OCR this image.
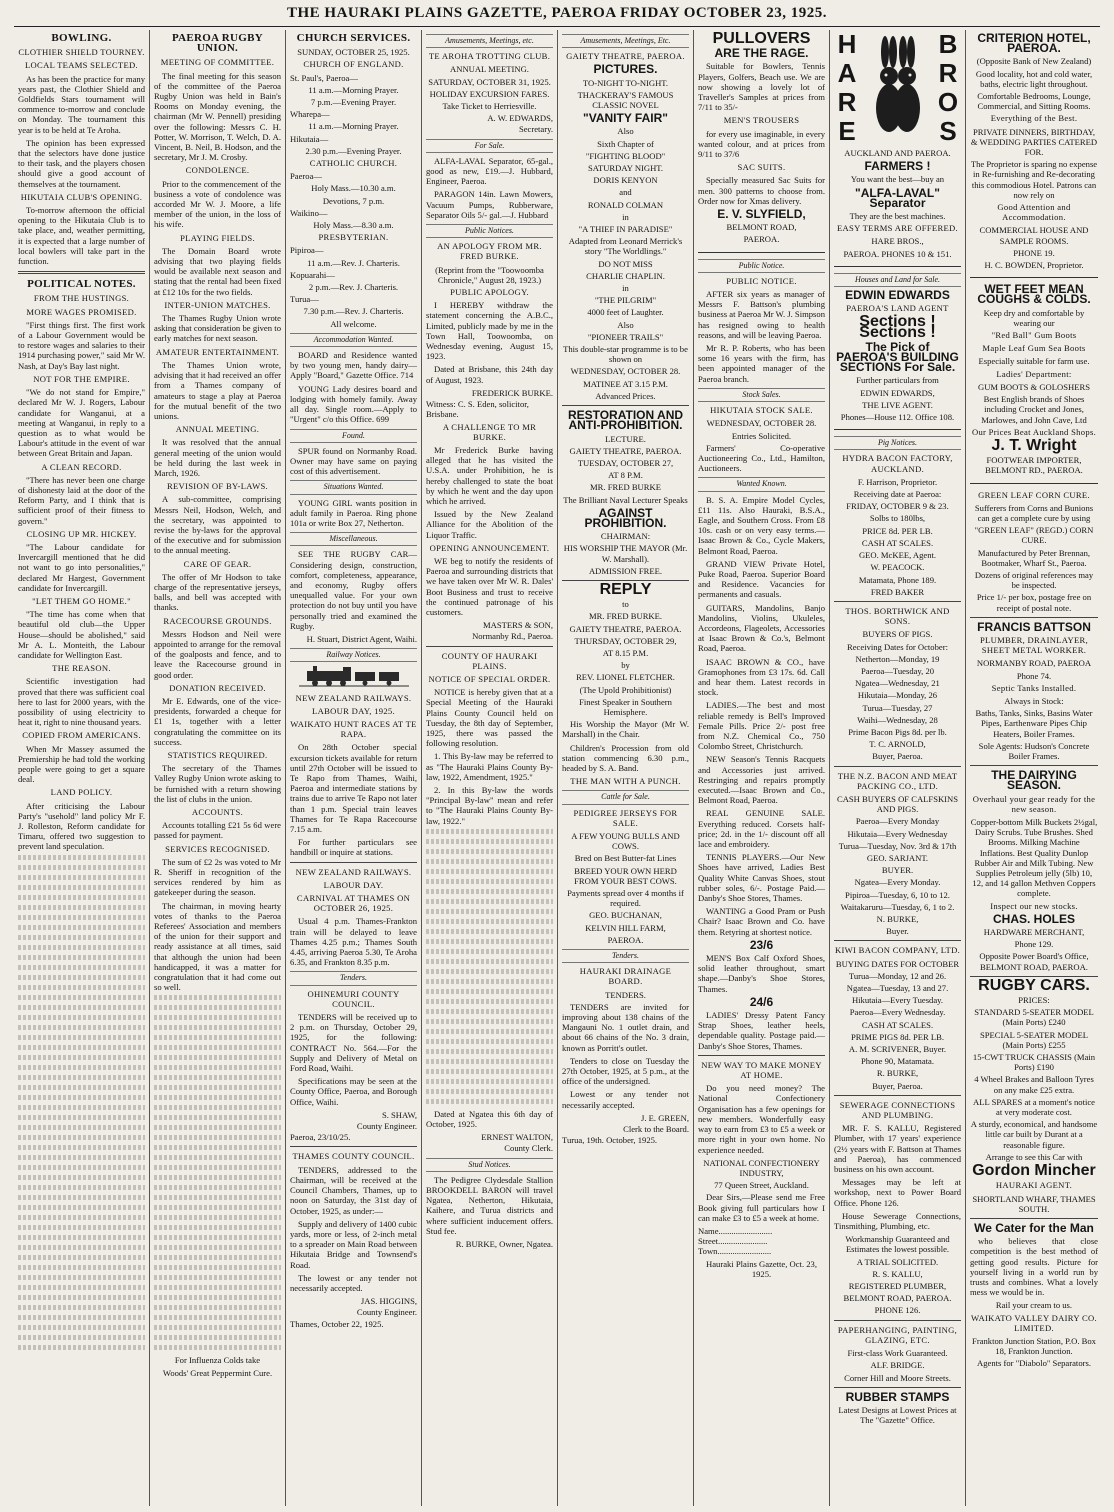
THE HAURAKI PLAINS GAZETTE, PAEROA FRIDAY OCTOBER 23, 1925.
BOWLING.
CLOTHIER SHIELD TOURNEY.
LOCAL TEAMS SELECTED.

As has been the practice for many years past, the Clothier Shield and Goldfields Stars tournament will commence to-morrow and conclude on Monday. The tournament this year is to be held at Te Aroha.

The opinion has been expressed that the selectors have done justice to their task, and the players chosen should give a good account of themselves at the tournament.

HIKUTAIA CLUB'S OPENING.

To-morrow afternoon the official opening to the Hikutaia Club is to take place, and, weather permitting, it is expected that a large number of local bowlers will take part in the function.

POLITICAL NOTES.
FROM THE HUSTINGS.
MORE WAGES PROMISED.

"First things first. The first work of a Labour Government would be to restore wages and salaries to their 1914 purchasing power," said Mr W. Nash, at Day's Bay last night.

NOT FOR THE EMPIRE.

"We do not stand for Empire," declared Mr W. J. Rogers, Labour candidate for Wanganui, at a meeting at Wanganui, in reply to a question as to what would be Labour's attitude in the event of war between Great Britain and Japan.

A CLEAN RECORD.

"There has never been one charge of dishonesty laid at the door of the Reform Party, and I think that is sufficient proof of their fitness to govern."

CLOSING UP MR. HICKEY.

"The Labour candidate for Invercargill mentioned that he did not want to go into personalities," declared Mr Hargest, Government candidate for Invercargill.

"LET THEM GO HOME."

"The time has come when that beautiful old club—the Upper House—should be abolished," said Mr A. L. Monteith, the Labour candidate for Wellington East.

THE REASON.

Scientific investigation had proved that there was sufficient coal here to last for 2000 years, with the possibility of using electricity to heat it, right to nine thousand years.

COPIED FROM AMERICANS.

When Mr Massey assumed the Premiership he had told the working people were going to get a square deal.

LAND POLICY.

After criticising the Labour Party's "usehold" land policy Mr F. J. Rolleston, Reform candidate for Timaru, offered two suggestion to prevent land speculation.

PAEROA RUGBY UNION.
MEETING OF COMMITTEE.

The final meeting for this season of the committee of the Paeroa Rugby Union was held in Bain's Rooms on Monday evening, the chairman (Mr W. Pennell) presiding over the following: Messrs C. H. Potter, W. Morrison, T. Welch, D. A. Vincent, B. Neil, B. Hodson, and the secretary, Mr J. M. Crosby.

CONDOLENCE.

Prior to the commencement of the business a vote of condolence was accorded Mr W. J. Moore, a life member of the union, in the loss of his wife.

PLAYING FIELDS.

The Domain Board wrote advising that two playing fields would be available next season and stating that the rental had been fixed at £12 10s for the two fields.

INTER-UNION MATCHES.

The Thames Rugby Union wrote asking that consideration be given to early matches for next season.

AMATEUR ENTERTAINMENT.

The Thames Union wrote, advising that it had received an offer from a Thames company of amateurs to stage a play at Paeroa for the mutual benefit of the two unions.

ANNUAL MEETING.

It was resolved that the annual general meeting of the union would be held during the last week in March, 1926.

REVISION OF BY-LAWS.

A sub-committee, comprising Messrs Neil, Hodson, Welch, and the secretary, was appointed to revise the by-laws for the approval of the executive and for submission to the annual meeting.

CARE OF GEAR.

The offer of Mr Hodson to take charge of the representative jerseys, balls, and bell was accepted with thanks.

RACECOURSE GROUNDS.

Messrs Hodson and Neil were appointed to arrange for the removal of the goalposts and fence, and to leave the Racecourse ground in good order.

DONATION RECEIVED.

Mr E. Edwards, one of the vice-presidents, forwarded a cheque for £1 1s, together with a letter congratulating the committee on its success.

STATISTICS REQUIRED.

The secretary of the Thames Valley Rugby Union wrote asking to be furnished with a return showing the list of clubs in the union.

ACCOUNTS.

Accounts totalling £21 5s 6d were passed for payment.

SERVICES RECOGNISED.

The sum of £2 2s was voted to Mr R. Sheriff in recognition of the services rendered by him as gatekeeper during the season.

The chairman, in moving hearty votes of thanks to the Paeroa Referees' Association and members of the union for their support and ready assistance at all times, said that although the union had been handicapped, it was a matter for congratulation that it had come out so well.

For Influenza Colds take
Woods' Great Peppermint Cure.
CHURCH SERVICES.
SUNDAY, OCTOBER 25, 1925.
CHURCH OF ENGLAND.
St. Paul's, Paeroa—
11 a.m.—Morning Prayer.
7 p.m.—Evening Prayer.
Wharepa—
11 a.m.—Morning Prayer.
Hikutaia—
2.30 p.m.—Evening Prayer.
CATHOLIC CHURCH.
Paeroa—
Holy Mass.—10.30 a.m.
Devotions, 7 p.m.
Waikino—
Holy Mass.—8.30 a.m.
PRESBYTERIAN.
Pipiroa—
11 a.m.—Rev. J. Charteris.
Kopuarahi—
2 p.m.—Rev. J. Charteris.
Turua—
7.30 p.m.—Rev. J. Charteris.
All welcome.
Accommodation Wanted.

BOARD and Residence wanted by two young men, handy dairy—Apply "Board," Gazette Office. 714

YOUNG Lady desires board and lodging with homely family. Away all day. Single room.—Apply to "Urgent" c/o this Office. 699

Found.

SPUR found on Normanby Road. Owner may have same on paying cost of this advertisement.

Situations Wanted.

YOUNG GIRL wants position in adult family in Paeroa. Ring phone 101a or write Box 27, Netherton.

Miscellaneous.

SEE THE RUGBY CAR—Considering design, construction, comfort, completeness, appearance, and economy, Rugby offers unequalled value. For your own protection do not buy until you have personally tried and examined the Rugby.

H. Stuart, District Agent, Waihi.
Railway Notices.
NEW ZEALAND RAILWAYS.
LABOUR DAY, 1925.
WAIKATO HUNT RACES AT TE RAPA.

On 28th October special excursion tickets available for return until 27th October will be issued to Te Rapo from Thames, Waihi, Paeroa and intermediate stations by trains due to arrive Te Rapo not later than 1 p.m. Special train leaves Thames for Te Rapa Racecourse 7.15 a.m.

For further particulars see handbill or inquire at stations.

NEW ZEALAND RAILWAYS.
LABOUR DAY.
CARNIVAL AT THAMES ON OCTOBER 26, 1925.

Usual 4 p.m. Thames-Frankton train will be delayed to leave Thames 4.25 p.m.; Thames South 4.45, arriving Paeroa 5.30, Te Aroha 6.35, and Frankton 8.35 p.m.

Tenders.
OHINEMURI COUNTY COUNCIL.

TENDERS will be received up to 2 p.m. on Thursday, October 29, 1925, for the following: CONTRACT No. 564.—For the Supply and Delivery of Metal on Ford Road, Waihi.

Specifications may be seen at the County Office, Paeroa, and Borough Office, Waihi.

S. SHAW,
County Engineer.
Paeroa, 23/10/25.
THAMES COUNTY COUNCIL.

TENDERS, addressed to the Chairman, will be received at the Council Chambers, Thames, up to noon on Saturday, the 31st day of October, 1925, as under:—

Supply and delivery of 1400 cubic yards, more or less, of 2-inch metal to a spreader on Main Road between Hikutaia Bridge and Townsend's Road.

The lowest or any tender not necessarily accepted.

JAS. HIGGINS,
County Engineer.
Thames, October 22, 1925.
Amusements, Meetings, etc.
TE AROHA TROTTING CLUB.
ANNUAL MEETING.
SATURDAY, OCTOBER 31, 1925.
HOLIDAY EXCURSION FARES.
Take Ticket to Herriesville.
A. W. EDWARDS,
Secretary.
For Sale.

ALFA-LAVAL Separator, 65-gal., good as new, £19.—J. Hubbard, Engineer, Paeroa.

PARAGON 14in. Lawn Mowers, Vacuum Pumps, Rubberware, Separator Oils 5/- gal.—J. Hubbard

Public Notices.
AN APOLOGY FROM MR. FRED BURKE.
(Reprint from the "Toowoomba Chronicle," August 28, 1923.)
PUBLIC APOLOGY.

I HEREBY withdraw the statement concerning the A.B.C., Limited, publicly made by me in the Town Hall, Toowoomba, on Wednesday evening, August 15, 1923.

Dated at Brisbane, this 24th day of August, 1923.

FREDERICK BURKE.
Witness: C. S. Eden, solicitor, Brisbane.
A CHALLENGE TO MR BURKE.

Mr Frederick Burke having alleged that he has visited the U.S.A. under Prohibition, he is hereby challenged to state the boat by which he went and the day upon which he arrived.

Issued by the New Zealand Alliance for the Abolition of the Liquor Traffic.

OPENING ANNOUNCEMENT.

WE beg to notify the residents of Paeroa and surrounding districts that we have taken over Mr W. R. Dales' Boot Business and trust to receive the continued patronage of his customers.

MASTERS & SON,
Normanby Rd., Paeroa.
COUNTY OF HAURAKI PLAINS.
NOTICE OF SPECIAL ORDER.

NOTICE is hereby given that at a Special Meeting of the Hauraki Plains County Council held on Tuesday, the 8th day of September, 1925, there was passed the following resolution.

1. This By-law may be referred to as "The Hauraki Plains County By-law, 1922, Amendment, 1925."

2. In this By-law the words "Principal By-law" mean and refer to "The Hauraki Plains County By-law, 1922."

Dated at Ngatea this 6th day of October, 1925.

ERNEST WALTON,
County Clerk.
Stud Notices.

The Pedigree Clydesdale Stallion BROOKDELL BARON will travel Ngatea, Netherton, Hikutaia, Kaihere, and Turua districts and where sufficient inducement offers. Stud fee.

R. BURKE, Owner, Ngatea.
Amusements, Meetings, Etc.
GAIETY THEATRE, PAEROA.
PICTURES.
TO-NIGHT TO-NIGHT.
THACKERAY'S FAMOUS CLASSIC NOVEL
"VANITY FAIR"
Also
Sixth Chapter of
"FIGHTING BLOOD"
SATURDAY NIGHT.
DORIS KENYON
and
RONALD COLMAN
in
"A THIEF IN PARADISE"
Adapted from Leonard Merrick's story "The Worldlings."
DO NOT MISS
CHARLIE CHAPLIN.
in
"THE PILGRIM"
4000 feet of Laughter.
Also
"PIONEER TRAILS"
This double-star programme is to be shown on
WEDNESDAY, OCTOBER 28.
MATINEE AT 3.15 P.M.
Advanced Prices.
RESTORATION AND ANTI-PROHIBITION.
LECTURE.
GAIETY THEATRE, PAEROA.
TUESDAY, OCTOBER 27,
AT 8 P.M.
MR. FRED BURKE
The Brilliant Naval Lecturer Speaks
AGAINST PROHIBITION.
CHAIRMAN:
HIS WORSHIP THE MAYOR (Mr. W. Marshall).
ADMISSION FREE.
REPLY
to
MR. FRED BURKE.
GAIETY THEATRE, PAEROA.
THURSDAY, OCTOBER 29,
AT 8.15 P.M.
by
REV. LIONEL FLETCHER.
(The Upold Prohibitionist)
Finest Speaker in Southern Hemisphere.

His Worship the Mayor (Mr W. Marshall) in the Chair.

Children's Procession from old station commencing 6.30 p.m., headed by S. A. Band.

THE MAN WITH A PUNCH.
Cattle for Sale.
PEDIGREE JERSEYS FOR SALE.
A FEW YOUNG BULLS AND COWS.
Bred on Best Butter-fat Lines
BREED YOUR OWN HERD FROM YOUR BEST COWS.
Payments spread over 4 months if required.
GEO. BUCHANAN,
KELVIN HILL FARM,
PAEROA.
Tenders.
HAURAKI DRAINAGE BOARD.
TENDERS.

TENDERS are invited for improving about 138 chains of the Mangauni No. 1 outlet drain, and about 66 chains of the No. 3 drain, known as Porritt's outlet.

Tenders to close on Tuesday the 27th October, 1925, at 5 p.m., at the office of the undersigned.

Lowest or any tender not necessarily accepted.

J. E. GREEN,
Clerk to the Board.
Turua, 19th. October, 1925.
PULLOVERS
ARE THE RAGE.

Suitable for Bowlers, Tennis Players, Golfers, Beach use. We are now showing a lovely lot of Traveller's Samples at prices from 7/11 to 35/-

MEN'S TROUSERS

for every use imaginable, in every wanted colour, and at prices from 9/11 to 37/6

SAC SUITS.

Specially measured Sac Suits for men. 300 patterns to choose from. Order now for Xmas delivery.

E. V. SLYFIELD,
BELMONT ROAD,
PAEROA.
Public Notice.
PUBLIC NOTICE.

AFTER six years as manager of Messrs F. Battson's plumbing business at Paeroa Mr W. J. Simpson has resigned owing to health reasons, and will be leaving Paeroa.

Mr R. P. Roberts, who has been some 16 years with the firm, has been appointed manager of the Paeroa branch.

Stock Sales.
HIKUTAIA STOCK SALE.
WEDNESDAY, OCTOBER 28.
Entries Solicited.

Farmers' Co-operative Auctioneering Co., Ltd., Hamilton, Auctioneers.

Wanted Known.

B. S. A. Empire Model Cycles, £11 11s. Also Hauraki, B.S.A., Eagle, and Southern Cross. From £8 10s. cash or on very easy terms.—Isaac Brown & Co., Cycle Makers, Belmont Road, Paeroa.

GRAND VIEW Private Hotel, Puke Road, Paeroa. Superior Board and Residence. Vacancies for permanents and casuals.

GUITARS, Mandolins, Banjo Mandolins, Violins, Ukuleles, Accordeons, Flageolets, Accessories at Isaac Brown & Co.'s, Belmont Road, Paeroa.

ISAAC BROWN & CO., have Gramophones from £3 17s. 6d. Call and hear them. Latest records in stock.

LADIES.—The best and most reliable remedy is Bell's Improved Female Pills. Price 2/- post free from N.Z. Chemical Co., 750 Colombo Street, Christchurch.

NEW Season's Tennis Racquets and Accessories just arrived. Restringing and repairs promptly executed.—Isaac Brown and Co., Belmont Road, Paeroa.

REAL GENUINE SALE. Everything reduced. Corsets half-price; 2d. in the 1/- discount off all lace and embroidery.

TENNIS PLAYERS.—Our New Shoes have arrived, Ladies Best Quality White Canvas Shoes, stout rubber soles, 6/-. Postage Paid.—Danby's Shoe Stores, Thames.

WANTING a Good Pram or Push Chair? Isaac Brown and Co. have them. Retyring at shortest notice.

23/6

MEN'S Box Calf Oxford Shoes, solid leather throughout, smart shape.—Danby's Shoe Stores, Thames.

24/6

LADIES' Dressy Patent Fancy Strap Shoes, leather heels, dependable quality. Postage paid.—Danby's Shoe Stores, Thames.

NEW WAY TO MAKE MONEY AT HOME.

Do you need money? The National Confectionery Organisation has a few openings for new members. Wonderfully easy way to earn from £3 to £5 a week or more right in your own home. No experience needed.

NATIONAL CONFECTIONERY INDUSTRY,
77 Queen Street, Auckland.

Dear Sirs,—Please send me Free Book giving full particulars how I can make £3 to £5 a week at home.

Name.........................
Street.......................
Town.........................
Hauraki Plains Gazette, Oct. 23, 1925.
HARE
BROS
AUCKLAND AND PAEROA.
FARMERS !
You want the best—buy an
"ALFA-LAVAL" Separator
They are the best machines.
EASY TERMS ARE OFFERED.
HARE BROS.,
PAEROA. PHONES 10 & 151.
Houses and Land for Sale.
EDWIN EDWARDS
PAEROA'S LAND AGENT
Sections ! Sections !
The Pick of PAEROA'S BUILDING SECTIONS For Sale.
Further particulars from
EDWIN EDWARDS,
THE LIVE AGENT.
Phones—House 112. Office 108.
Pig Notices.
HYDRA BACON FACTORY, AUCKLAND.
F. Harrison, Proprietor.
Receiving date at Paeroa:
FRIDAY, OCTOBER 9 & 23.
Solbs to 180lbs,
PRICE 8d. PER LB.
CASH AT SCALES.
GEO. McKEE, Agent.
W. PEACOCK.
Matamata, Phone 189.
FRED BAKER
THOS. BORTHWICK AND SONS.
BUYERS OF PIGS.
Receiving Dates for October:
Netherton—Monday, 19
Paeroa—Tuesday, 20
Ngatea—Wednesday, 21
Hikutaia—Monday, 26
Turua—Tuesday, 27
Waihi—Wednesday, 28
Prime Bacon Pigs 8d. per lb.
T. C. ARNOLD,
Buyer, Paeroa.
THE N.Z. BACON AND MEAT PACKING CO., LTD.
CASH BUYERS OF CALFSKINS AND PIGS.
Paeroa—Every Monday
Hikutaia—Every Wednesday
Turua—Tuesday, Nov. 3rd & 17th
GEO. SARJANT.
BUYER.
Ngatea—Every Monday.
Pipiroa—Tuesday, 6, 10 to 12.
Waitakaruru—Tuesday, 6, 1 to 2.
N. BURKE,
Buyer.
KIWI BACON COMPANY, LTD.
BUYING DATES FOR OCTOBER
Turua—Monday, 12 and 26.
Ngatea—Tuesday, 13 and 27.
Hikutaia—Every Tuesday.
Paeroa—Every Wednesday.
CASH AT SCALES.
PRIME PIGS 8d. PER LB.
A. M. SCRIVENER, Buyer.
Phone 90, Matamata.
R. BURKE,
Buyer, Paeroa.
SEWERAGE CONNECTIONS AND PLUMBING.

MR. F. S. KALLU, Registered Plumber, with 17 years' experience (2½ years with F. Battson at Thames and Paeroa), has commenced business on his own account.

Messages may be left at workshop, next to Power Board Office. Phone 126.

House Sewerage Connections, Tinsmithing, Plumbing, etc.

Workmanship Guaranteed and Estimates the lowest possible.
A TRIAL SOLICITED.
R. S. KALLU,
REGISTERED PLUMBER,
BELMONT ROAD, PAEROA.
PHONE 126.
PAPERHANGING, PAINTING, GLAZING, ETC.
First-class Work Guaranteed.
ALF. BRIDGE.
Corner Hill and Moore Streets.
RUBBER STAMPS
Latest Designs at Lowest Prices at The "Gazette" Office.
CRITERION HOTEL, PAEROA.
(Opposite Bank of New Zealand)
Good locality, hot and cold water, baths, electric light throughout.
Comfortable Bedrooms, Lounge, Commercial, and Sitting Rooms.
Everything of the Best.
PRIVATE DINNERS, BIRTHDAY, & WEDDING PARTIES CATERED FOR.
The Proprietor is sparing no expense in Re-furnishing and Re-decorating this commodious Hotel. Patrons can now rely on
Good Attention and Accommodation.
COMMERCIAL HOUSE AND SAMPLE ROOMS.
PHONE 19.
H. C. BOWDEN, Proprietor.
WET FEET MEAN COUGHS & COLDS.
Keep dry and comfortable by wearing our
"Red Ball" Gum Boots
Maple Leaf Gum Sea Boots
Especially suitable for farm use.
Ladies' Department:
GUM BOOTS & GOLOSHERS
Best English brands of Shoes including Crocket and Jones, Marlowes, and John Cave, Ltd
Our Prices Beat Auckland Shops.
J. T. Wright
FOOTWEAR IMPORTER, BELMONT RD., PAEROA.
GREEN LEAF CORN CURE.
Sufferers from Corns and Bunions can get a complete cure by using
"GREEN LEAF" (REGD.) CORN CURE.
Manufactured by Peter Brennan, Bootmaker, Wharf St., Paeroa.
Dozens of original references may be inspected.
Price 1/- per box, postage free on receipt of postal note.
FRANCIS BATTSON
PLUMBER, DRAINLAYER, SHEET METAL WORKER.
NORMANBY ROAD, PAEROA
Phone 74.
Septic Tanks Installed.
Always in Stock:
Baths, Tanks, Sinks, Basins Water Pipes, Earthenware Pipes Chip Heaters, Boiler Frames.
Sole Agents: Hudson's Concrete Boiler Frames.
THE DAIRYING SEASON.
Overhaul your gear ready for the new season.
Copper-bottom Milk Buckets 2½gal, Dairy Scrubs. Tube Brushes. Shed Brooms. Milking Machine Inflations. Best Quality Dunlop Rubber Air and Milk Tubing. New Supplies Petroleum jelly (5lb) 10, 12, and 14 gallon Methven Coppers complete.
Inspect our new stocks.
CHAS. HOLES
HARDWARE MERCHANT,
Phone 129.
Opposite Power Board's Office, BELMONT ROAD, PAEROA.
RUGBY CARS.
PRICES:
STANDARD 5-SEATER MODEL (Main Ports) £240
SPECIAL 5-SEATER MODEL (Main Ports) £255
15-CWT TRUCK CHASSIS (Main Ports) £190
4 Wheel Brakes and Balloon Tyres on any make £25 extra.
ALL SPARES at a moment's notice at very moderate cost.
A sturdy, economical, and handsome little car built by Durant at a reasonable figure.
Arrange to see this Car with
Gordon Mincher
HAURAKI AGENT.
SHORTLAND WHARF, THAMES SOUTH.
We Cater for the Man

who believes that close competition is the best method of getting good results. Picture for yourself living in a world run by trusts and combines. What a lovely mess we would be in.

Rail your cream to us.
WAIKATO VALLEY DAIRY CO. LIMITED.
Frankton Junction Station, P.O. Box 18, Frankton Junction.
Agents for "Diabolo" Separators.
